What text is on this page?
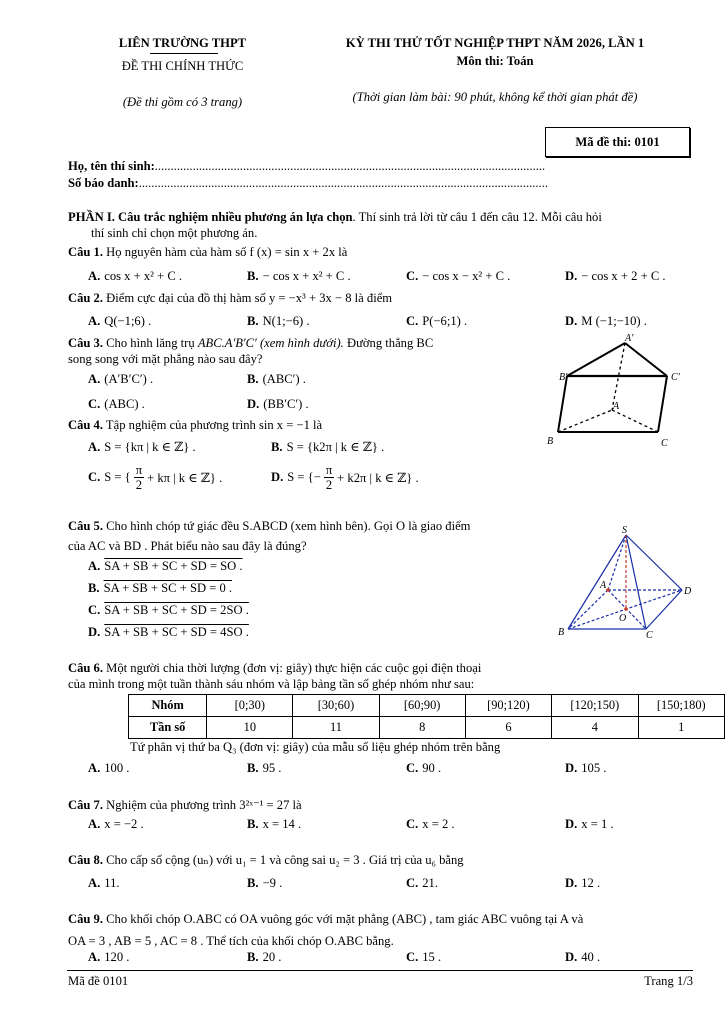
LIÊN TRƯỜNG THPT
ĐỀ THI CHÍNH THỨC
(Đề thi gồm có 3 trang)
KỲ THI THỬ TỐT NGHIỆP THPT NĂM 2026, LẦN 1
Môn thi: Toán
(Thời gian làm bài: 90 phút, không kể thời gian phát đề)
Mã đề thi: 0101
Họ, tên thí sinh:............................................................................................................................
Số báo danh:..................................................................................................................................
PHẦN I. Câu trắc nghiệm nhiều phương án lựa chọn. Thí sinh trả lời từ câu 1 đến câu 12. Mỗi câu hỏi
thí sinh chỉ chọn một phương án.
Câu 1. Họ nguyên hàm của hàm số f (x) = sin x + 2x là
A. cos x + x² + C .	B. − cos x + x² + C .	C. − cos x − x² + C .	D. − cos x + 2 + C .
Câu 2. Điểm cực đại của đồ thị hàm số y = −x³ + 3x − 8 là điểm
A. Q(−1;6) .	B. N(1;−6) .	C. P(−6;1) .	D. M (−1;−10) .
Câu 3. Cho hình lăng trụ ABC.A′B′C′ (xem hình dưới). Đường thẳng BC
song song với mặt phẳng nào sau đây?
A. (A′B′C′) .	B. (ABC′) .
C. (ABC) .	D. (BB′C′) .
A′
B′	C′
A
B	C
Câu 4. Tập nghiệm của phương trình sin x = −1 là
A. S = {kπ | k ∈ ℤ} .	B. S = {k2π | k ∈ ℤ} .
C. S = { $\frac{\pi}{2} + k\pi$ | k ∈ ℤ} .	D. S = {− $\frac{\pi}{2} + k2\pi$ | k ∈ ℤ} .
Câu 5. Cho hình chóp tứ giác đều S.ABCD (xem hình bên). Gọi O là giao điểm
của AC và BD . Phát biểu nào sau đây là đúng?
A. SA + SB + SC + SD = SO .
B. SA + SB + SC + SD = 0 .
C. SA + SB + SC + SD = 2SO .
D. SA + SB + SC + SD = 4SO .
S
A
B	C
D
O
Câu 6. Một người chia thời lượng (đơn vị: giây) thực hiện các cuộc gọi điện thoại
của mình trong một tuần thành sáu nhóm và lập bảng tần số ghép nhóm như sau:
Nhóm	[0;30)	[30;60)	[60;90)	[90;120)	[120;150)	[150;180)
Tần số	10	11	8	6	4	1
Tứ phân vị thứ ba Q₃ (đơn vị: giây) của mẫu số liệu ghép nhóm trên bằng
A. 100 .	B. 95 .	C. 90 .	D. 105 .
Câu 7. Nghiệm của phương trình 3²ˣ⁻¹ = 27 là
A. x = −2 .	B. x = 14 .	C. x = 2 .	D. x = 1 .
Câu 8. Cho cấp số cộng (uₙ) với u₁ = 1 và công sai u₂ = 3 . Giá trị của u₆ bằng
A. 11.	B. −9 .	C. 21.	D. 12 .
Câu 9. Cho khối chóp O.ABC có OA vuông góc với mặt phẳng (ABC) , tam giác ABC vuông tại A và
OA = 3 , AB = 5 , AC = 8 . Thể tích của khối chóp O.ABC bằng.
A. 120 .	B. 20 .	C. 15 .	D. 40 .
Mã đề 0101	Trang 1/3
